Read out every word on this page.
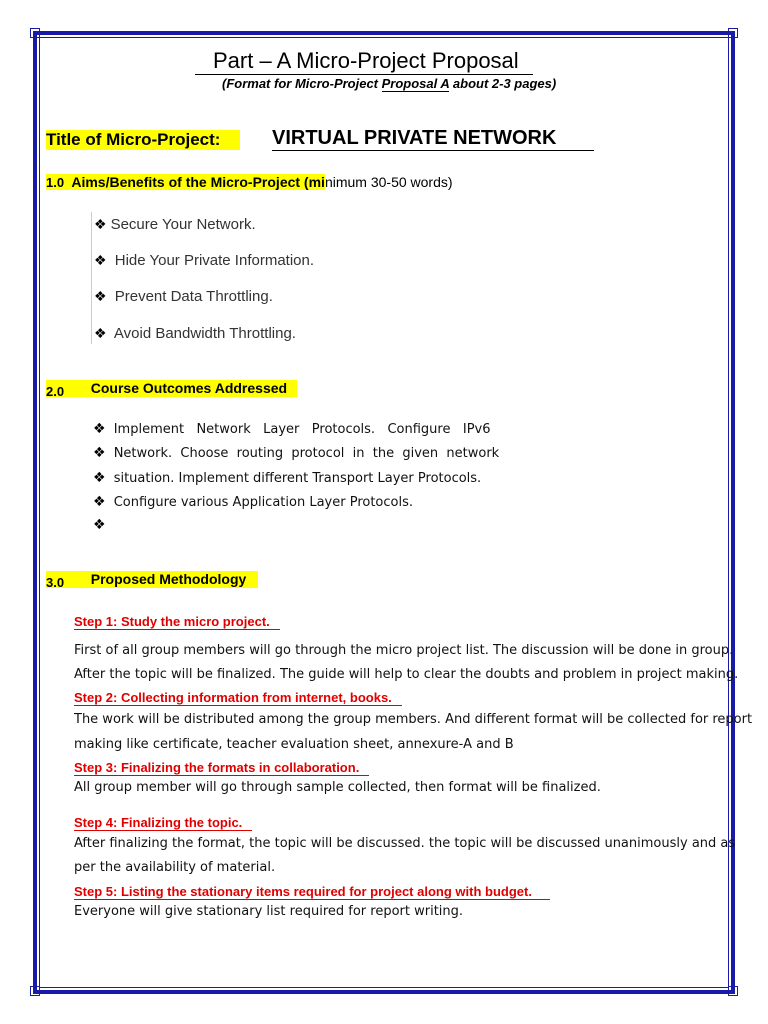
Part – A Micro-Project Proposal
(Format for Micro-Project Proposal A about 2-3 pages)
Title of Micro-Project:	VIRTUAL PRIVATE NETWORK
1.0 Aims/Benefits of the Micro-Project (minimum 30-50 words)
❖ Secure Your Network.
❖ Hide Your Private Information.
❖ Prevent Data Throttling.
❖ Avoid Bandwidth Throttling.
2.0 Course Outcomes Addressed
❖ Implement   Network   Layer   Protocols.   Configure   IPv6
❖ Network.  Choose  routing  protocol  in  the  given  network
❖ situation. Implement different Transport Layer Protocols.
❖ Configure various Application Layer Protocols.
❖
3.0 Proposed Methodology
Step 1: Study the micro project.
First of all group members will go through the micro project list. The discussion will be done in group.
After the topic will be finalized. The guide will help to clear the doubts and problem in project making.
Step 2: Collecting information from internet, books.
The work will be distributed among the group members. And different format will be collected for report
making like certificate, teacher evaluation sheet, annexure-A and B
Step 3: Finalizing the formats in collaboration.
All group member will go through sample collected, then format will be finalized.
Step 4: Finalizing the topic.
After finalizing the format, the topic will be discussed. the topic will be discussed unanimously and as
per the availability of material.
Step 5: Listing the stationary items required for project along with budget.
Everyone will give stationary list required for report writing.
